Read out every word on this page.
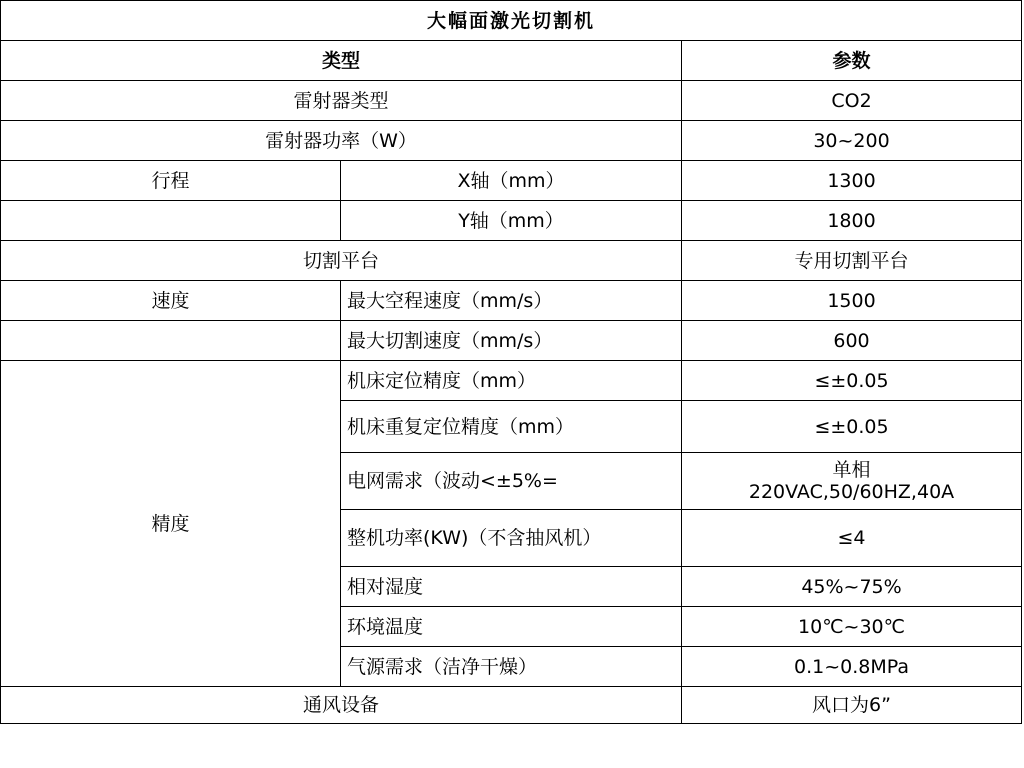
大幅面激光切割机		
类型		参数
雷射器类型		CO2
雷射器功率（W）		30~200
行程	X轴（mm）	1300
	Y轴（mm）	1800
切割平台		专用切割平台
速度	最大空程速度（mm/s）	1500
	最大切割速度（mm/s）	600
精度	机床定位精度（mm）	≤±0.05
	机床重复定位精度（mm）	≤±0.05
	电网需求（波动<±5%=	单相
220VAC,50/60HZ,40A

	整机功率(KW)（不含抽风机）	≤4
	相对湿度	45%~75%
	环境温度	10℃~30℃
	气源需求（洁净干燥）	0.1~0.8MPa
通风设备		风口为6”
